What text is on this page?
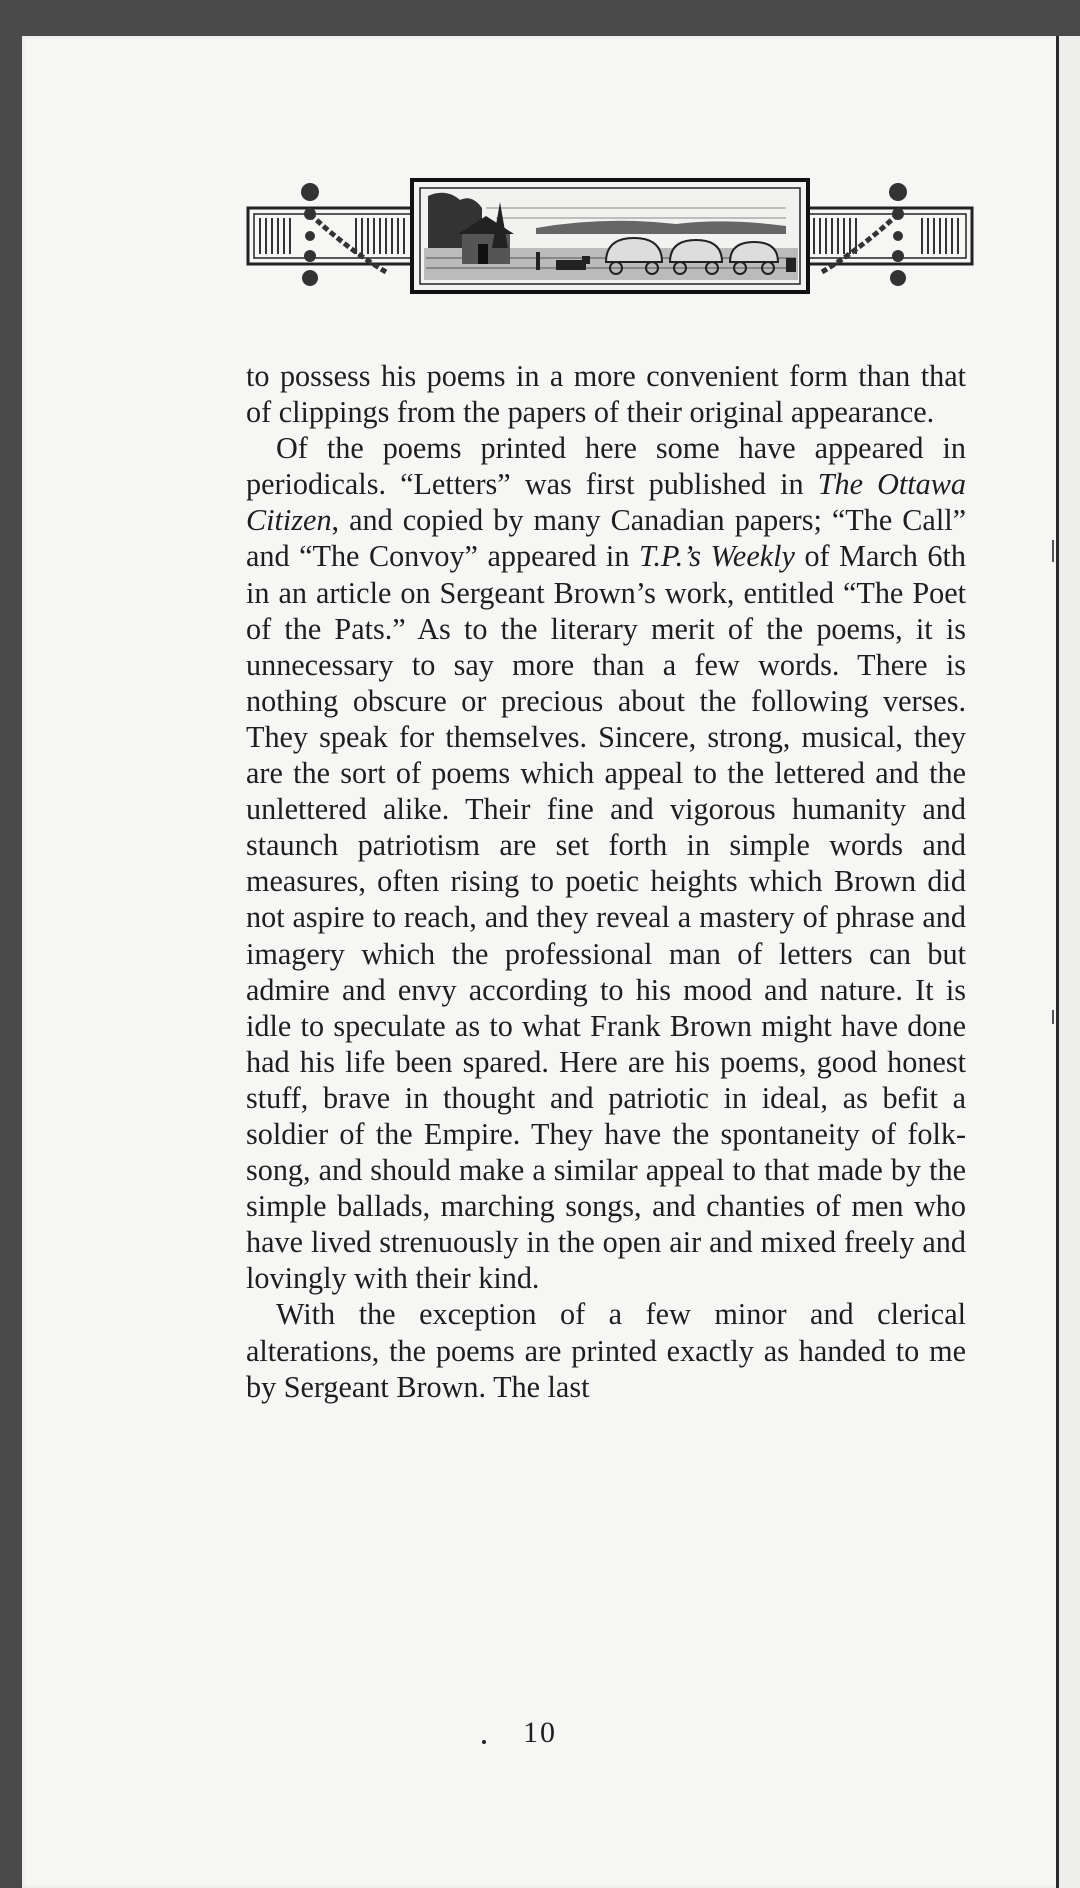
to possess his poems in a more convenient form than that of clippings from the papers of their original appearance.

Of the poems printed here some have appeared in periodicals. “Letters” was first published in The Ottawa Citizen, and copied by many Canadian papers; “The Call” and “The Convoy” appeared in T.P.’s Weekly of March 6th in an article on Sergeant Brown’s work, entitled “The Poet of the Pats.” As to the literary merit of the poems, it is unnecessary to say more than a few words. There is nothing obscure or precious about the following verses. They speak for themselves. Sincere, strong, musical, they are the sort of poems which appeal to the lettered and the unlettered alike. Their fine and vigorous humanity and staunch patriotism are set forth in simple words and measures, often rising to poetic heights which Brown did not aspire to reach, and they reveal a mastery of phrase and imagery which the professional man of letters can but admire and envy according to his mood and nature. It is idle to speculate as to what Frank Brown might have done had his life been spared. Here are his poems, good honest stuff, brave in thought and patriotic in ideal, as befit a soldier of the Empire. They have the spontaneity of folk-song, and should make a similar appeal to that made by the simple ballads, marching songs, and chanties of men who have lived strenuously in the open air and mixed freely and lovingly with their kind.

With the exception of a few minor and clerical alterations, the poems are printed exactly as handed to me by Sergeant Brown. The last

10
